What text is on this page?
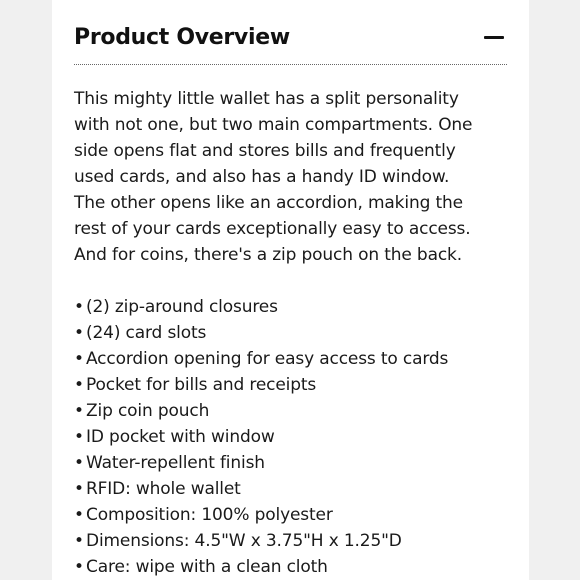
Product Overview
This mighty little wallet has a split personality
with not one, but two main compartments. One
side opens flat and stores bills and frequently
used cards, and also has a handy ID window.
The other opens like an accordion, making the
rest of your cards exceptionally easy to access.
And for coins, there's a zip pouch on the back.
• (2) zip-around closures
• (24) card slots
• Accordion opening for easy access to cards
• Pocket for bills and receipts
• Zip coin pouch
• ID pocket with window
• Water-repellent finish
• RFID: whole wallet
• Composition: 100% polyester
• Dimensions: 4.5"W x 3.75"H x 1.25"D
• Care: wipe with a clean cloth
